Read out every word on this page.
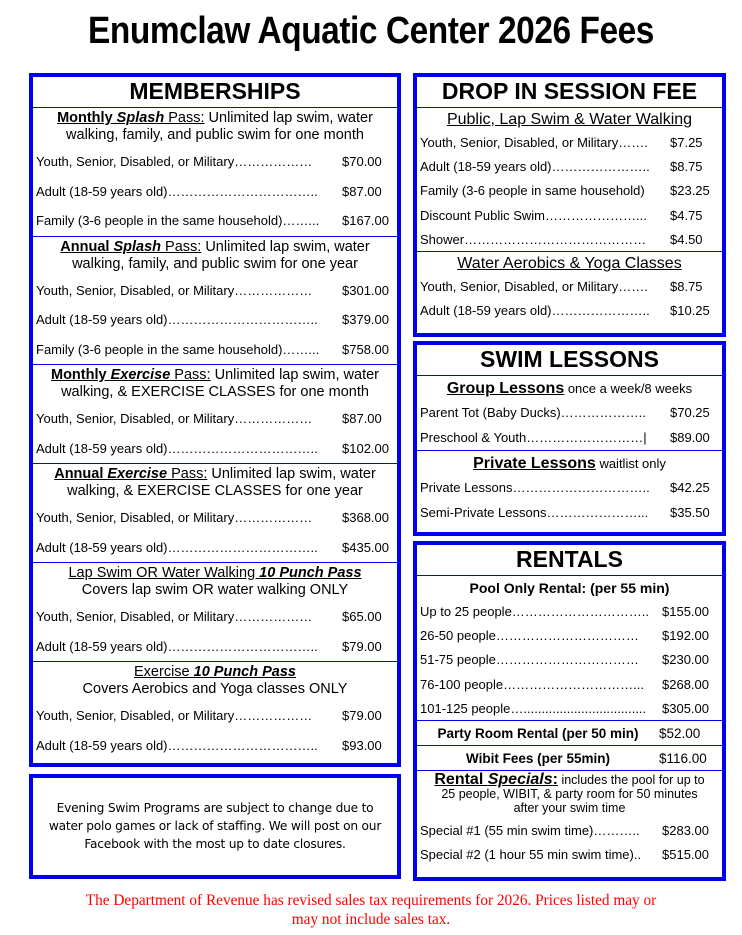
Enumclaw Aquatic Center 2026 Fees
MEMBERSHIPS
Monthly Splash Pass: Unlimited lap swim, water
walking, family, and public swim for one month
Youth, Senior, Disabled, or Military………………	$70.00
Adult (18-59 years old)……………………………..	$87.00
Family (3-6 people in the same household)……...	$167.00
Annual Splash Pass: Unlimited lap swim, water
walking, family, and public swim for one year
Youth, Senior, Disabled, or Military………………	$301.00
Adult (18-59 years old)……………………………..	$379.00
Family (3-6 people in the same household)……...	$758.00
Monthly Exercise Pass: Unlimited lap swim, water
walking, & EXERCISE CLASSES for one month
Youth, Senior, Disabled, or Military………………	$87.00
Adult (18-59 years old)……………………………..	$102.00
Annual Exercise Pass: Unlimited lap swim, water
walking, & EXERCISE CLASSES for one year
Youth, Senior, Disabled, or Military………………	$368.00
Adult (18-59 years old)……………………………..	$435.00
Lap Swim OR Water Walking 10 Punch Pass
Covers lap swim OR water walking ONLY
Youth, Senior, Disabled, or Military………………	$65.00
Adult (18-59 years old)……………………………..	$79.00
Exercise 10 Punch Pass
Covers Aerobics and Yoga classes ONLY
Youth, Senior, Disabled, or Military………………	$79.00
Adult (18-59 years old)……………………………..	$93.00
Evening Swim Programs are subject to change due to
water polo games or lack of staffing. We will post on our
Facebook with the most up to date closures.
DROP IN SESSION FEE
Public, Lap Swim & Water Walking
Youth, Senior, Disabled, or Military…….	$7.25
Adult (18-59 years old)…………………..	$8.75
Family (3-6 people in same household)	$23.25
Discount Public Swim…………………...	$4.75
Shower……………………………………	$4.50
Water Aerobics & Yoga Classes
Youth, Senior, Disabled, or Military…….	$8.75
Adult (18-59 years old)…………………..	$10.25
SWIM LESSONS
Group Lessons once a week/8 weeks
Parent Tot (Baby Ducks)………………..	$70.25
Preschool & Youth………………………|	$89.00
Private Lessons waitlist only
Private Lessons…………………………..	$42.25
Semi-Private Lessons…………………...	$35.50
RENTALS
Pool Only Rental: (per 55 min)
Up to 25 people………………………….. $155.00
26-50 people……………………………	$192.00
51-75 people……………………………	$230.00
76-100 people…………………………...	$268.00
101-125 people…..................................	$305.00
Party Room Rental (per 50 min)	$52.00
Wibit Fees (per 55min)	$116.00
Rental Specials: includes the pool for up to
25 people, WIBIT, & party room for 50 minutes
after your swim time
Special #1 (55 min swim time)………..	$283.00
Special #2 (1 hour 55 min swim time)..	$515.00
The Department of Revenue has revised sales tax requirements for 2026. Prices listed may or
may not include sales tax.
